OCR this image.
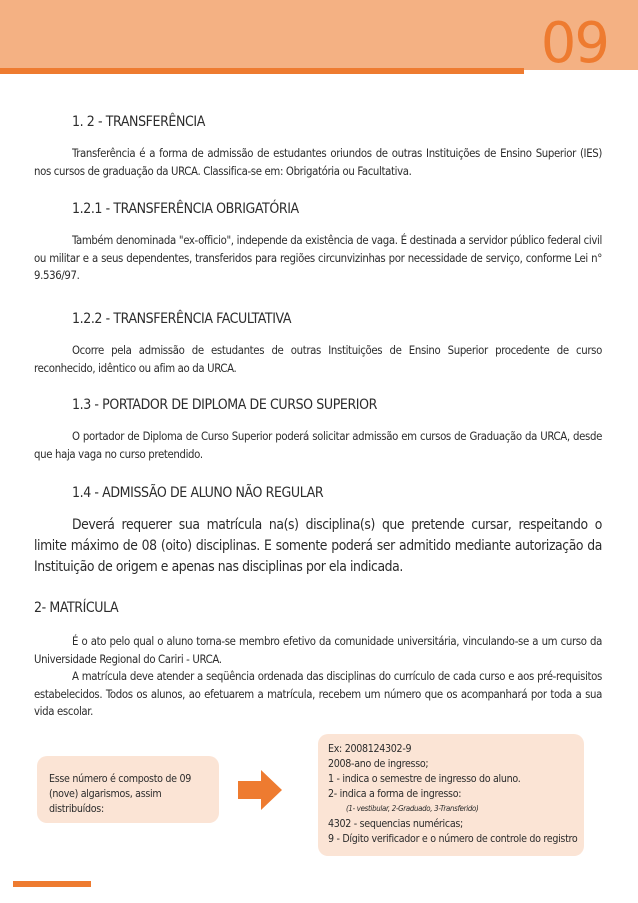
09
1. 2 - TRANSFERÊNCIA

Transferência é a forma de admissão de estudantes oriundos de outras Instituições de Ensino Superior (IES) nos cursos de graduação da URCA. Classifica-se em: Obrigatória ou Facultativa.

1.2.1 - TRANSFERÊNCIA OBRIGATÓRIA

Também denominada "ex-officio", independe da existência de vaga. É destinada a servidor público federal civil ou militar e a seus dependentes, transferidos para regiões circunvizinhas por necessidade de serviço, conforme Lei n° 9.536/97.

1.2.2 - TRANSFERÊNCIA FACULTATIVA

Ocorre pela admissão de estudantes de outras Instituições de Ensino Superior procedente de curso reconhecido, idêntico ou afim ao da URCA.

1.3 - PORTADOR DE DIPLOMA DE CURSO SUPERIOR

O portador de Diploma de Curso Superior poderá solicitar admissão em cursos de Graduação da URCA, desde que haja vaga no curso pretendido.

1.4 - ADMISSÃO DE ALUNO NÃO REGULAR

Deverá requerer sua matrícula na(s) disciplina(s) que pretende cursar, respeitando o limite máximo de 08 (oito) disciplinas. E somente poderá ser admitido mediante autorização da Instituição de origem e apenas nas disciplinas por ela indicada.

2- MATRÍCULA

É o ato pelo qual o aluno torna-se membro efetivo da comunidade universitária, vinculando-se a um curso da Universidade Regional do Cariri - URCA.

A matrícula deve atender a seqüência ordenada das disciplinas do currículo de cada curso e aos pré-requisitos estabelecidos. Todos os alunos, ao efetuarem a matrícula, recebem um número que os acompanhará por toda a sua vida escolar.

Esse número é composto de 09 (nove) algarismos, assim distribuídos:
Ex: 2008124302-9
2008-ano de ingresso;
1 - indica o semestre de ingresso do aluno.
2- indica a forma de ingresso:
(1- vestibular, 2-Graduado, 3-Transferido)
4302 - sequencias numéricas;
9 - Dígito verificador e o número de controle do registro
